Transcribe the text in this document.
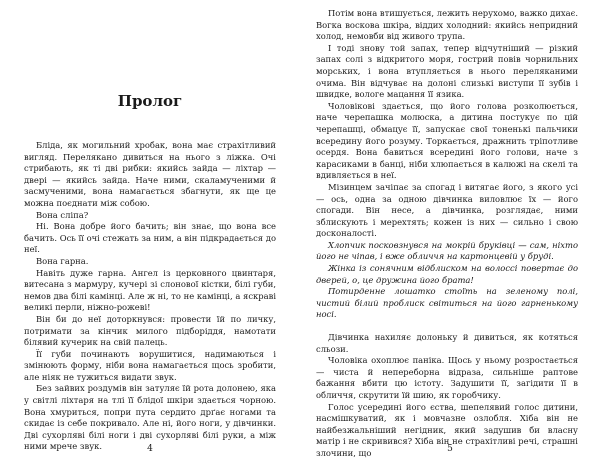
Пролог

Бліда, як могильний хробак, вона має страхітливий вигляд. Перелякано дивиться на нього з ліжка. Очі стрибають, як ті дві рибки: якийсь зайда — ліхтар — двері — якийсь зайда. Наче ними, скаламученими й засмученими, вона намагається збагнути, як ще це можна поєднати між собою.

Вона сліпа?

Ні. Вона добре його бачить; він знає, що вона все бачить. Ось її очі стежать за ним, а він підкрадається до неї.

Вона гарна.

Навіть дуже гарна. Ангел із церковного цвинтаря, витесана з мармуру, кучері зі слонової кістки, білі губи, немов два білі камінці. Але ж ні, то не камінці, а яскраві великі перли, ніжно-рожеві!

Він би до неї доторкнувся: провести їй по личку, потримати за кінчик милого підборіддя, намотати білявий кучерик на свій палець.

Її губи починають ворушитися, надимаються і змінюють форму, ніби вона намагається щось зробити, але ніяк не тужиться видати звук.

Без зайвих роздумів він затуляє їй рота долонею, яка у світлі ліхтаря на тлі її блідої шкіри здається чорною. Вона хмуриться, попри пута сердито дрґає ногами та скидає із себе покривало. Але ні, його ноги, у дівчинки. Дві сухорляві білі ноги і дві сухорляві білі руки, а між ними мрече звук.	4

Потім вона втишується, лежить нерухомо, важко дихає. Вогка воскова шкіра, віддих холодний: якийсь непридний холод, немовби від живого трупа.

І тоді знову той запах, тепер відчутніший — різкий запах солі з відкритого моря, гострий повів чорнильних морських, і вона втупляється в нього переляканими очима. Він відчуває на долоні слизькі виступи її зубів і швидке, вологе мацання її язика.

Чоловікові здається, що його голова розколюється, наче черепашка молюска, а дитина постукує по цій черепашці, обмацує її, запускає свої тоненькі пальчики всередину його розуму. Торкається, дражнить тріпотливе осердя. Вона бавиться всередині його голови, наче з карасиками в банці, ніби хлюпається в калюжі на скелі та вдивляється в неї.

Мізинцем зачіпає за спогад і витягає його, з якого усі — ось, одна за одною дівчинка виловлює їх — його спогади. Він несе, а дівчинка, розглядає, ними зблискують і мерехтять; кожен із них — сильно і свою досконалості.

Хлопчик посковзнувся на мокрій бруківці — сам, ніхто його не чіпав, і вже обличчя на картонцевій у бруді.

Жінка із сонячним відблиском на волоссі повертає до дверей, о, це дружина його брата!

Потирденне лошатко стоїть на зеленому полі, чистий білий проблиск світиться на його гарненькому носі.

Дівчинка нахиляє долоньку й дивиться, як котяться сльози.

Чоловіка охоплює паніка. Щось у ньому розростається — чиста й непереборна відраза, сильніше раптове бажання вбити цю істоту. Задушити її, загідити її в обличчя, скрутити їй шию, як горобчику.

Голос усередині його єства, шепелявий голос дитини, насмішкуватий, як і мовчазне озлобля. Хіба він не найбезжальніший негідник, який задушив би власну матір і не скривився? Хіба він не страхітливі речі, страшні злочини, що	5
